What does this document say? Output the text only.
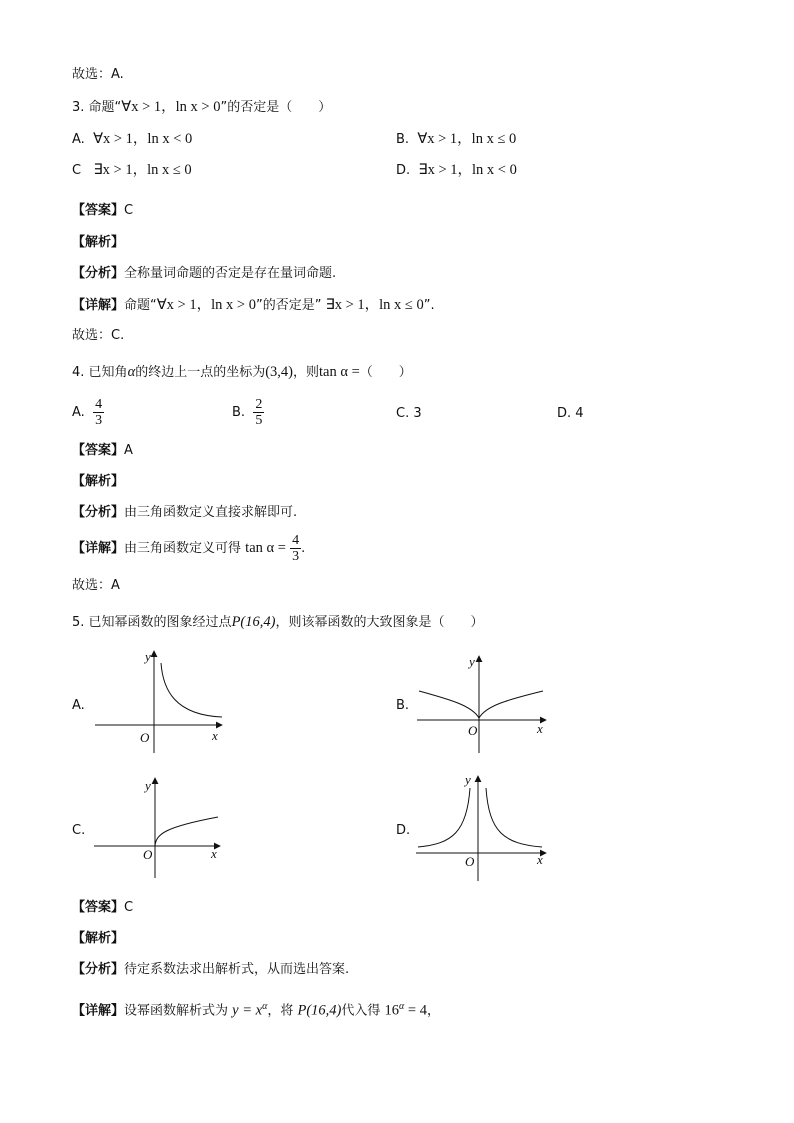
故选：A.
3. 命题“∀x > 1，ln x > 0”的否定是（　　）
A. ∀x > 1，ln x < 0	B. ∀x > 1，ln x ≤ 0
C ∃x > 1，ln x ≤ 0	D. ∃x > 1，ln x < 0
【答案】C
【解析】
【分析】全称量词命题的否定是存在量词命题.
【详解】命题“∀x > 1，ln x > 0”的否定是” ∃x > 1，ln x ≤ 0”.
故选：C.
4. 已知角α的终边上一点的坐标为(3,4)，则tan α =（　　）
A. $\frac{4}{3}$	B. $\frac{2}{5}$	C. 3	D. 4
【答案】A
【解析】
【分析】由三角函数定义直接求解即可.
【详解】由三角函数定义可得 $\tan \alpha = \frac{4}{3}$ .
故选：A
5. 已知幂函数的图象经过点P(16,4)，则该幂函数的大致图象是（　　）
A.
y
x
O
B.
y
x
O
C.
y
x
O
D.
y
x
O
【答案】C
【解析】
【分析】待定系数法求出解析式，从而选出答案.
【详解】设幂函数解析式为 $y = x^\alpha$，将 P(16,4)代入得 $16^\alpha = 4$，
